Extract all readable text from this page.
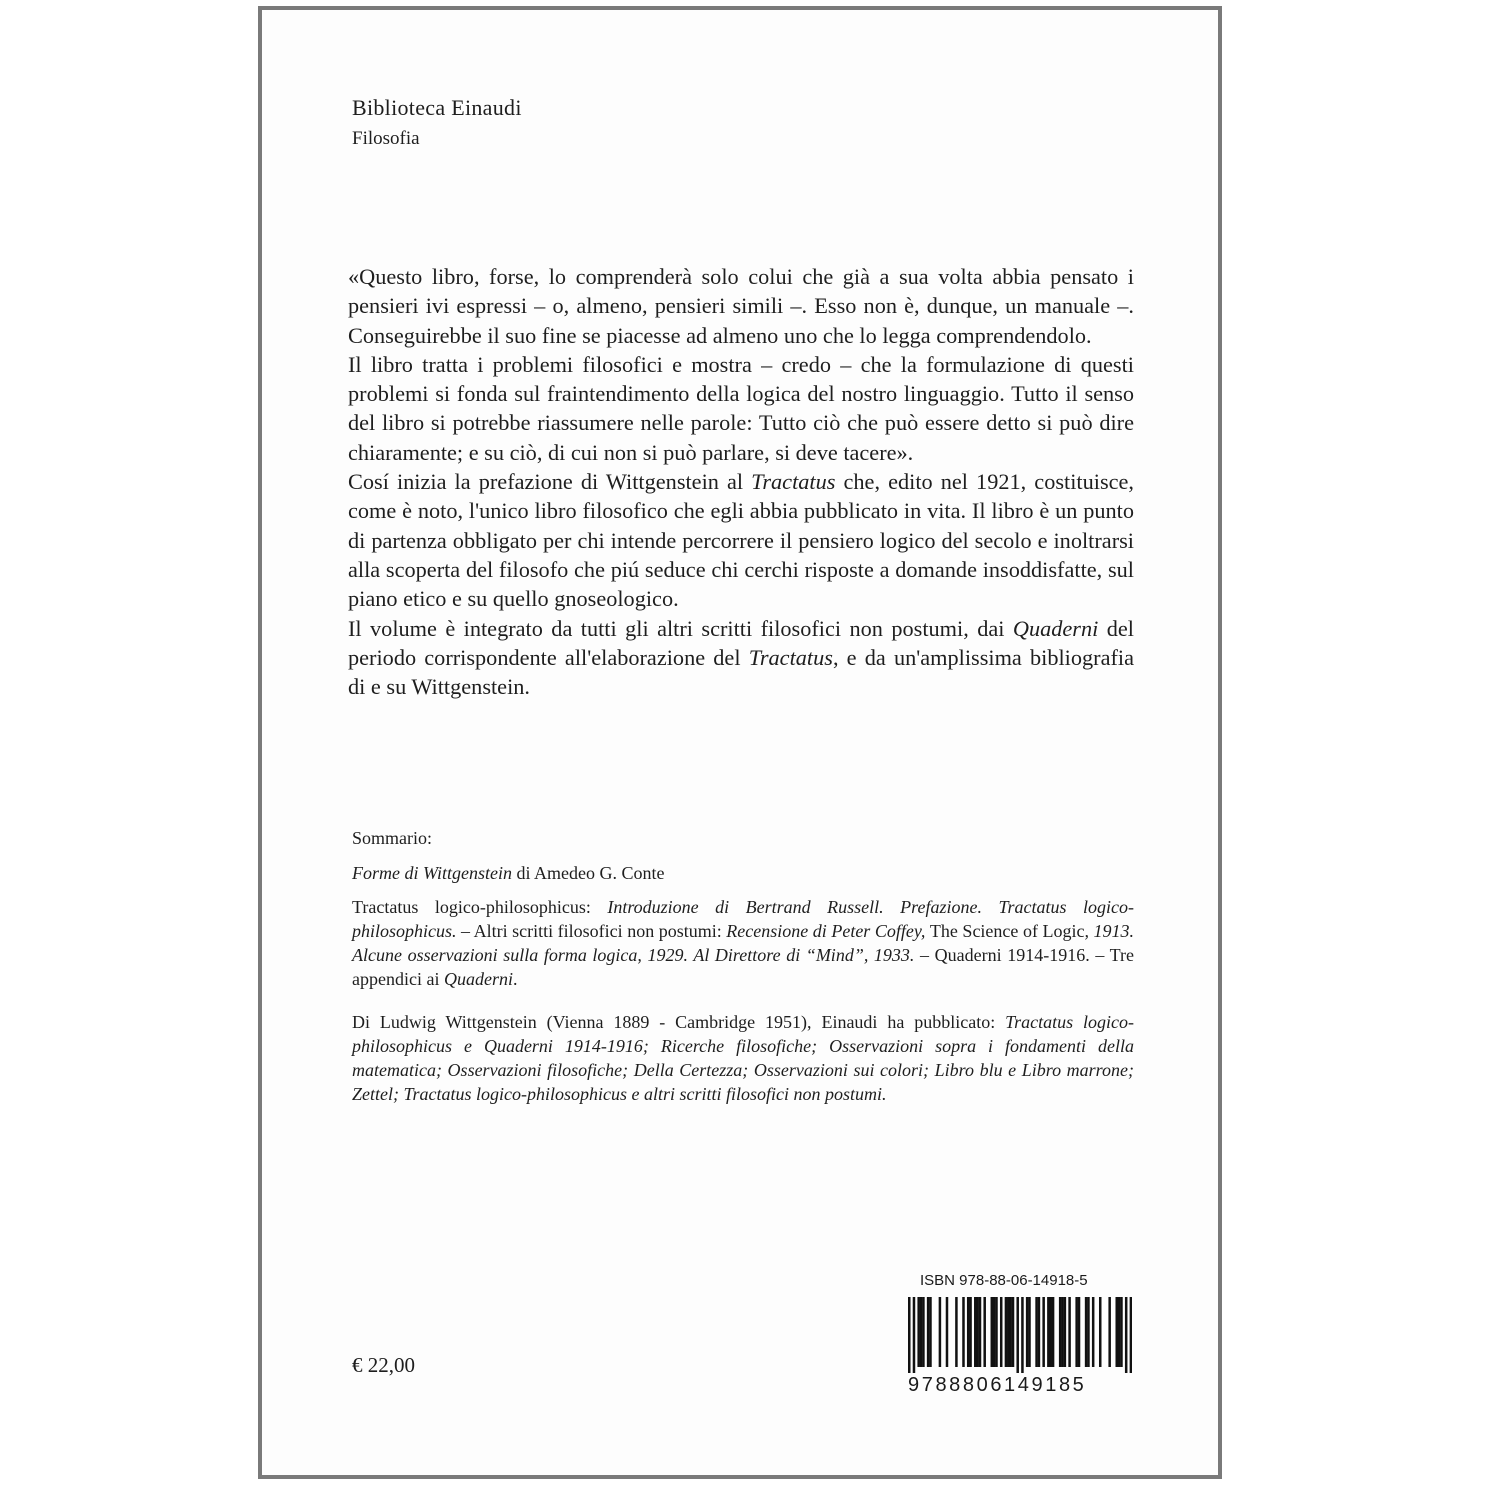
Biblioteca Einaudi
Filosofia

«Questo libro, forse, lo comprenderà solo colui che già a sua volta abbia pensato i pensieri ivi espressi – o, almeno, pensieri simili –. Esso non è, dunque, un manuale –. Conseguirebbe il suo fine se piacesse ad almeno uno che lo legga comprendendolo.

Il libro tratta i problemi filosofici e mostra – credo – che la formulazione di questi problemi si fonda sul fraintendimento della logica del nostro linguaggio. Tutto il senso del libro si potrebbe riassumere nelle parole: Tutto ciò che può essere detto si può dire chiaramente; e su ciò, di cui non si può parlare, si deve tacere».

Cosí inizia la prefazione di Wittgenstein al Tractatus che, edito nel 1921, costituisce, come è noto, l'unico libro filosofico che egli abbia pubblicato in vita. Il libro è un punto di partenza obbligato per chi intende percorrere il pensiero logico del secolo e inoltrarsi alla scoperta del filosofo che piú seduce chi cerchi risposte a domande insoddisfatte, sul piano etico e su quello gnoseologico.

Il volume è integrato da tutti gli altri scritti filosofici non postumi, dai Quaderni del periodo corrispondente all'elaborazione del Tractatus, e da un'amplissima bibliografia di e su Wittgenstein.

Sommario:

Forme di Wittgenstein di Amedeo G. Conte

Tractatus logico-philosophicus: Introduzione di Bertrand Russell. Prefazione. Tractatus logico-philosophicus. – Altri scritti filosofici non postumi: Recensione di Peter Coffey, The Science of Logic, 1913. Alcune osservazioni sulla forma logica, 1929. Al Direttore di “Mind”, 1933. – Quaderni 1914-1916. – Tre appendici ai Quaderni.

Di Ludwig Wittgenstein (Vienna 1889 - Cambridge 1951), Einaudi ha pubblicato: Tractatus logico-philosophicus e Quaderni 1914-1916; Ricerche filosofiche; Osservazioni sopra i fondamenti della matematica; Osservazioni filosofiche; Della Certezza; Osservazioni sui colori; Libro blu e Libro marrone; Zettel; Tractatus logico-philosophicus e altri scritti filosofici non postumi.

€ 22,00
ISBN 978-88-06-14918-5
9788806149185
